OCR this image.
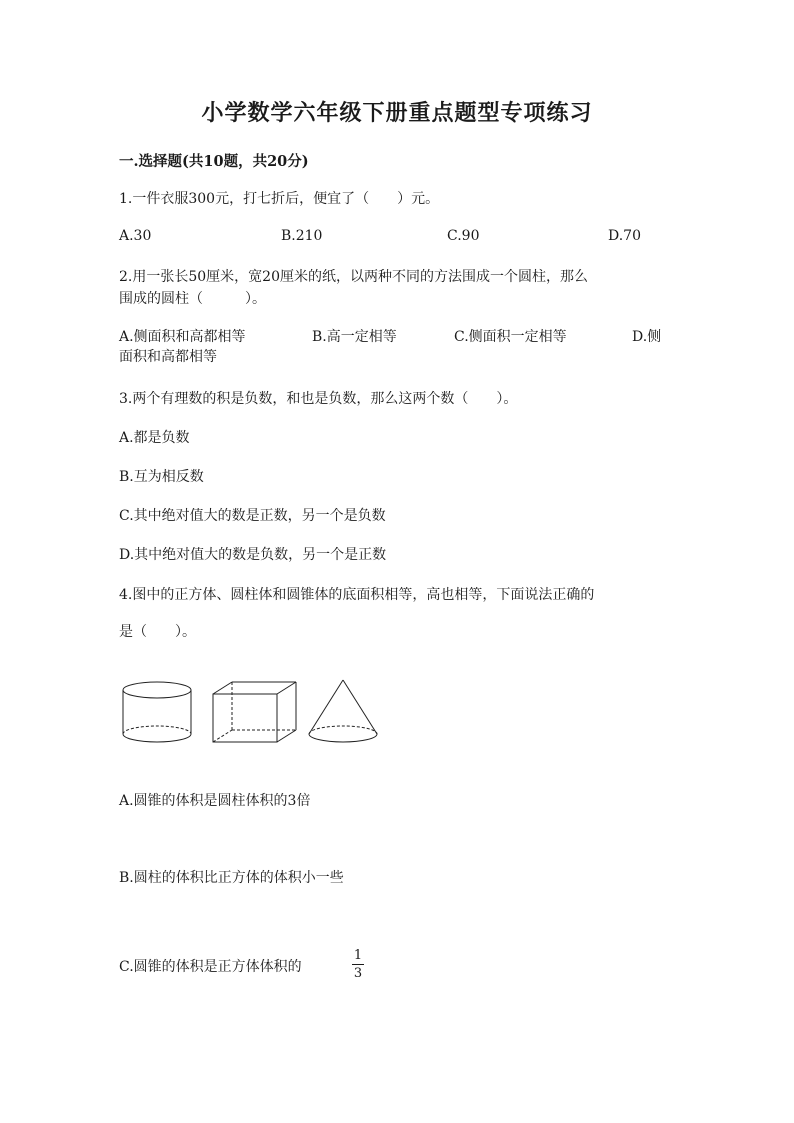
小学数学六年级下册重点题型专项练习
一.选择题(共10题，共20分)
1.一件衣服300元，打七折后，便宜了（　　）元。
A.30	B.210	C.90	D.70
2.用一张长50厘米，宽20厘米的纸，以两种不同的方法围成一个圆柱，那么
围成的圆柱（　　　）。
A.侧面积和高都相等	B.高一定相等	C.侧面积一定相等	D.侧
面积和高都相等
3.两个有理数的积是负数，和也是负数，那么这两个数（　　）。
A.都是负数
B.互为相反数
C.其中绝对值大的数是正数，另一个是负数
D.其中绝对值大的数是负数，另一个是正数
4.图中的正方体、圆柱体和圆锥体的底面积相等，高也相等，下面说法正确的
是（　　）。
A.圆锥的体积是圆柱体积的3倍
B.圆柱的体积比正方体的体积小一些
C.圆锥的体积是正方体体积的
1
3
